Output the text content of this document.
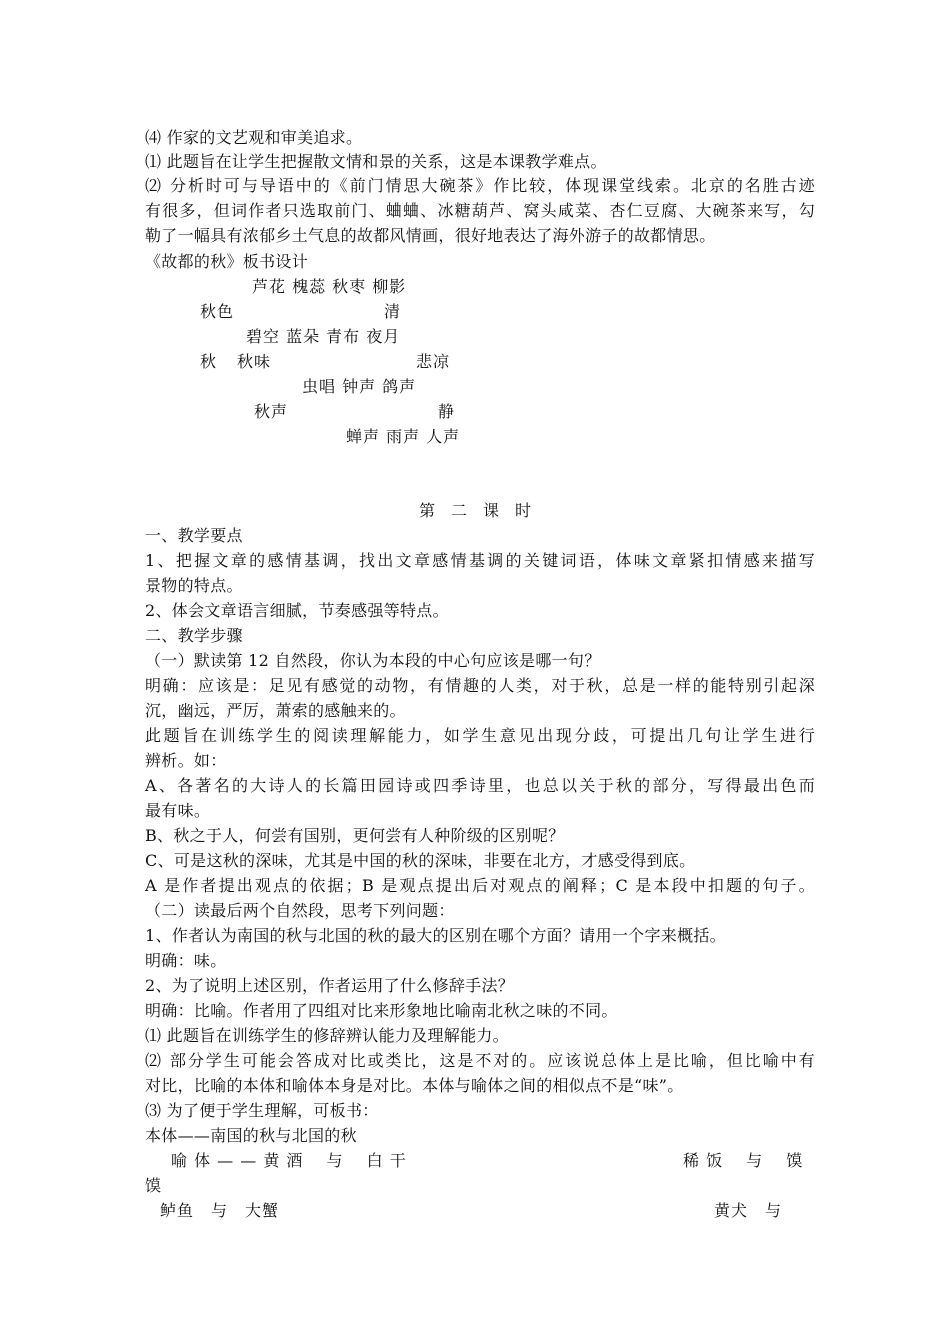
⑷ 作家的文艺观和审美追求。
⑴ 此题旨在让学生把握散文情和景的关系，这是本课教学难点。
⑵ 分析时可与导语中的《前门情思大碗茶》作比较，体现课堂线索。北京的名胜古迹
有很多，但词作者只选取前门、蛐蛐、冰糖葫芦、窝头咸菜、杏仁豆腐、大碗茶来写，勾
勒了一幅具有浓郁乡土气息的故都风情画，很好地表达了海外游子的故都情思。
《故都的秋》板书设计
芦花 槐蕊 秋枣 柳影
秋色	清
碧空 蓝朵 青布 夜月
秋 秋味	悲凉
虫唱 钟声 鸽声
秋声	静
蝉声 雨声 人声
第　二　课　时
一、教学要点
1、把握文章的感情基调，找出文章感情基调的关键词语，体味文章紧扣情感来描写
景物的特点。
2、体会文章语言细腻，节奏感强等特点。
二、教学步骤
（一）默读第 12 自然段，你认为本段的中心句应该是哪一句？
明确：应该是：足见有感觉的动物，有情趣的人类，对于秋，总是一样的能特别引起深
沉，幽远，严厉，萧索的感触来的。
此题旨在训练学生的阅读理解能力，如学生意见出现分歧，可提出几句让学生进行
辨析。如：
A、各著名的大诗人的长篇田园诗或四季诗里，也总以关于秋的部分，写得最出色而
最有味。
B、秋之于人，何尝有国别，更何尝有人种阶级的区别呢？
C、可是这秋的深味，尤其是中国的秋的深味，非要在北方，才感受得到底。
A 是作者提出观点的依据；B 是观点提出后对观点的阐释；C 是本段中扣题的句子。
（二）读最后两个自然段，思考下列问题：
1、作者认为南国的秋与北国的秋的最大的区别在哪个方面？请用一个字来概括。
明确：味。
2、为了说明上述区别，作者运用了什么修辞手法？
明确：比喻。作者用了四组对比来形象地比喻南北秋之味的不同。
⑴ 此题旨在训练学生的修辞辨认能力及理解能力。
⑵ 部分学生可能会答成对比或类比，这是不对的。应该说总体上是比喻，但比喻中有
对比，比喻的本体和喻体本身是对比。本体与喻体之间的相似点不是“味”。
⑶ 为了便于学生理解，可板书：
本体——南国的秋与北国的秋
喻 体 — — 黄 酒　 与　 白 干	稀 饭　 与　 馍
馍
鲈鱼　与　大蟹	黄犬　与
